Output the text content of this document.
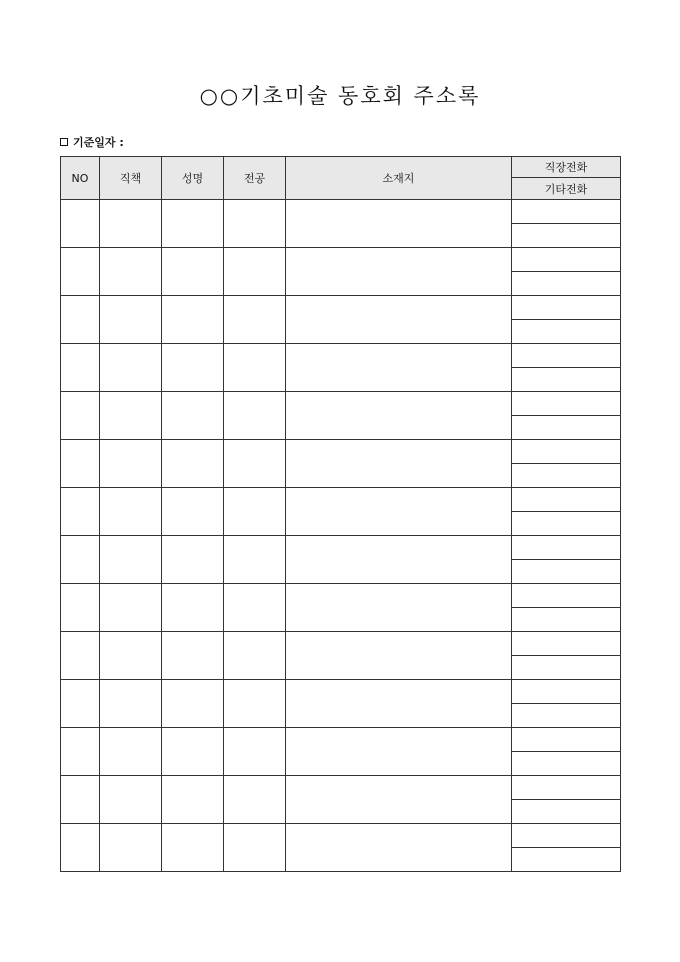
○○기초미술 동호회 주소록
기준일자 :
NO	직책	성명	전공	소재지	직장전화
					기타전화
